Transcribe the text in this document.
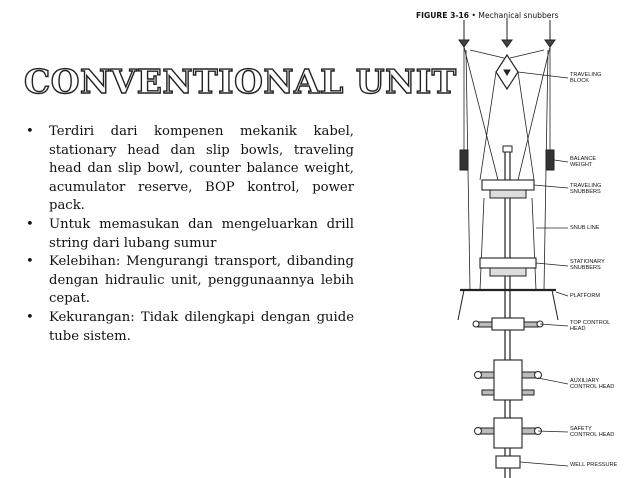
CONVENTIONAL UNIT
• Terdiri dari kompenen mekanik kabel, stationary head dan slip bowls, traveling head dan slip bowl, counter balance weight, acumulator reserve, BOP kontrol, power pack.
• Untuk memasukan dan mengeluarkan drill string dari lubang sumur
• Kelebihan: Mengurangi transport, dibanding dengan hidraulic unit, penggunaannya lebih cepat.
• Kekurangan: Tidak dilengkapi dengan guide tube sistem.
FIGURE 3-16 • Mechanical snubbers
TRAVELING
BLOCK
BALANCE
WEIGHT
TRAVELING
SNUBBERS
SNUB LINE
STATIONARY
SNUBBERS
PLATFORM
TOP CONTROL
HEAD
AUXILIARY
CONTROL HEAD
SAFETY
CONTROL HEAD
WELL PRESSURE
